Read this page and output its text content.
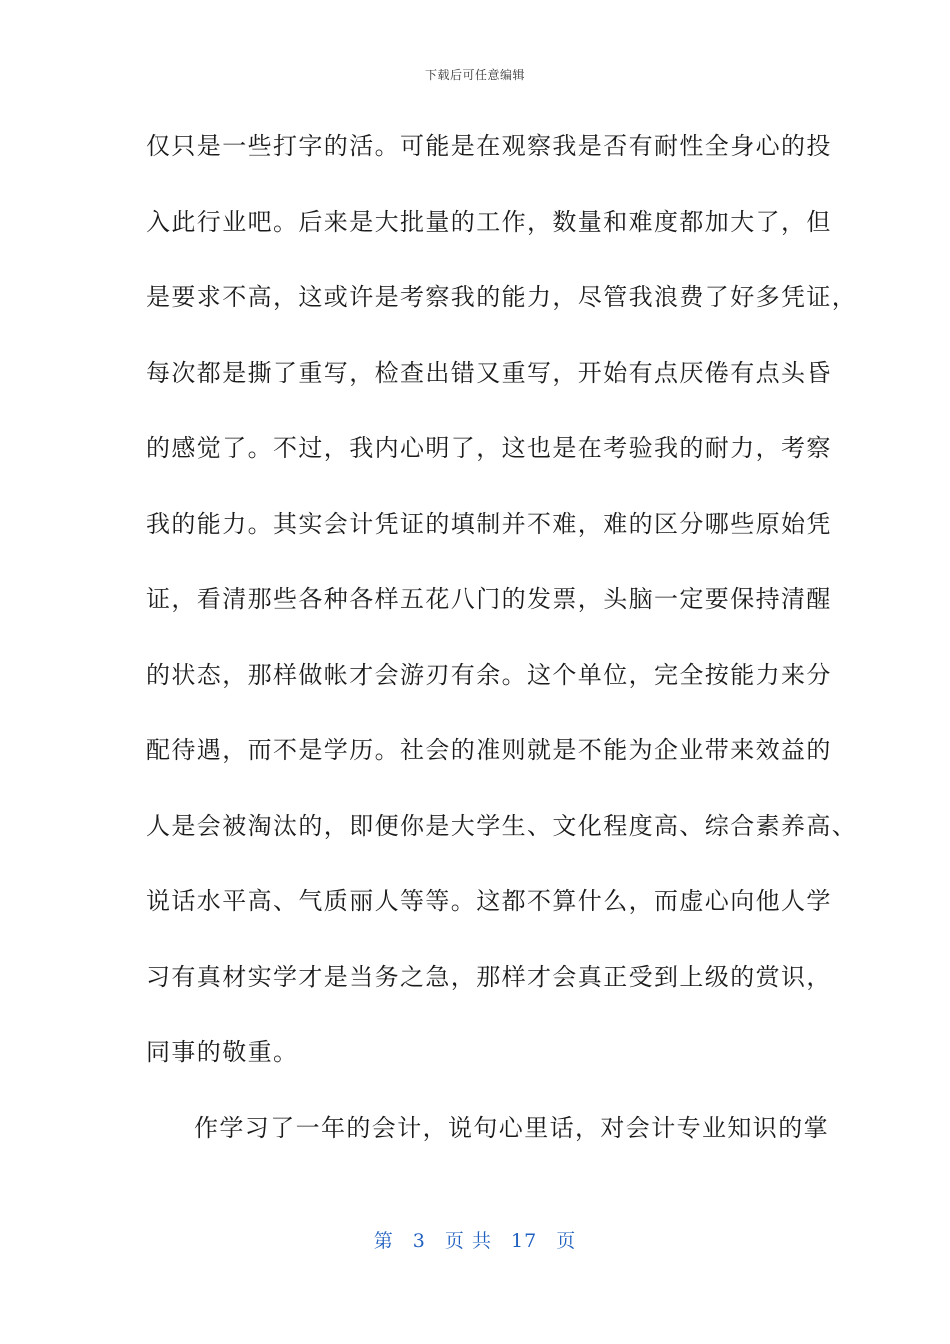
下载后可任意编辑
仅只是一些打字的活。可能是在观察我是否有耐性全身心的投
入此行业吧。后来是大批量的工作，数量和难度都加大了，但
是要求不高，这或许是考察我的能力，尽管我浪费了好多凭证，
每次都是撕了重写，检查出错又重写，开始有点厌倦有点头昏
的感觉了。不过，我内心明了，这也是在考验我的耐力，考察
我的能力。其实会计凭证的填制并不难，难的区分哪些原始凭
证，看清那些各种各样五花八门的发票，头脑一定要保持清醒
的状态，那样做帐才会游刃有余。这个单位，完全按能力来分
配待遇，而不是学历。社会的准则就是不能为企业带来效益的
人是会被淘汰的，即便你是大学生、文化程度高、综合素养高、
说话水平高、气质丽人等等。这都不算什么，而虚心向他人学
习有真材实学才是当务之急，那样才会真正受到上级的赏识，
同事的敬重。
作学习了一年的会计，说句心里话，对会计专业知识的掌
第 3 页 共 17 页
